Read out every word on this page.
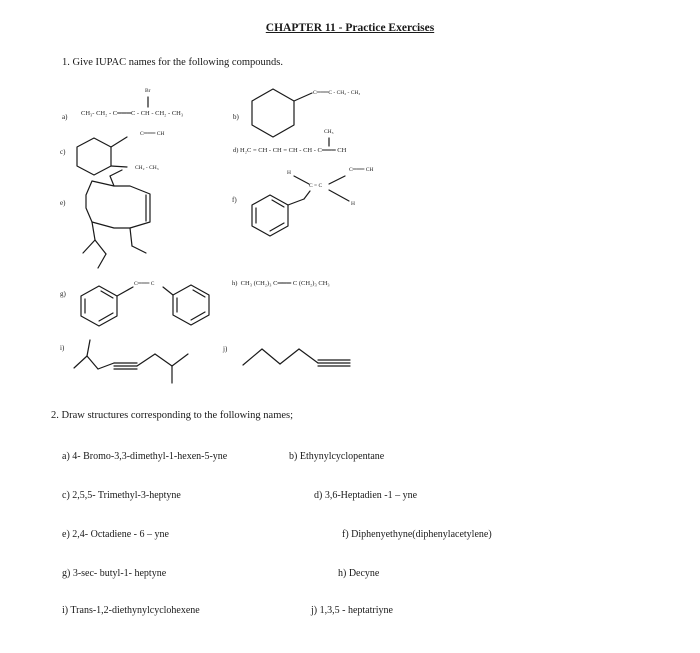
CHAPTER 11 - Practice Exercises
1. Give IUPAC names for the following compounds.
a)
Br
CH₃- CH₂ - C═══C - CH - CH₂ - CH₃	b)
C═══C - CH₂ - CH₃
c)
C═══ CH
CH₂ - CH₃
CH₃
d) H₂C = CH - CH = CH - CH - C═══ CH
e)	f)
H	C═══ CH
C = C
H
g)
C═══ C	h) CH₃ (CH₂)₃ C═══ C (CH₂)₃ CH₃
i)	j)
2. Draw structures corresponding to the following names;
a) 4- Bromo-3,3-dimethyl-1-hexen-5-yne	b) Ethynylcyclopentane
c) 2,5,5- Trimethyl-3-heptyne	d) 3,6-Heptadien -1 – yne
e) 2,4- Octadiene - 6 – yne	f) Diphenyethyne(diphenylacetylene)
g) 3-sec- butyl-1- heptyne	h) Decyne
i) Trans-1,2-diethynylcyclohexene	j) 1,3,5 - heptatriyne
